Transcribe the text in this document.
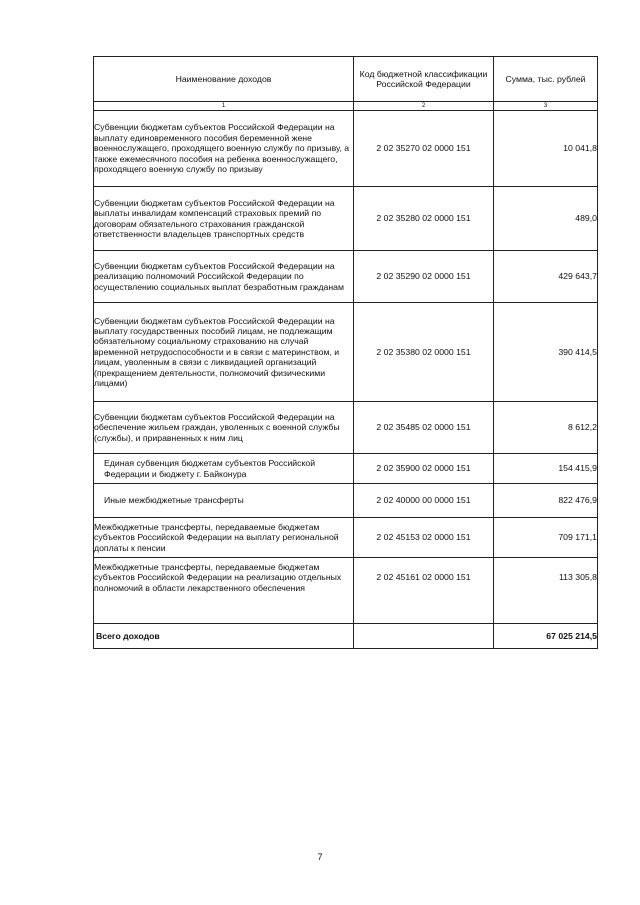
Наименование доходов	Код бюджетной классификации Российской Федерации	Сумма, тыс. рублей
1	2	3
Субвенции бюджетам субъектов Российской Федерации на выплату единовременного пособия беременной жене военнослужащего, проходящего военную службу по призыву, а также ежемесячного пособия на ребенка военнослужащего, проходящего военную службу по призыву	2 02 35270 02 0000 151	10 041,8
Субвенции бюджетам субъектов Российской Федерации на выплаты инвалидам компенсаций страховых премий по договорам обязательного страхования гражданской ответственности владельцев транспортных средств	2 02 35280 02 0000 151	489,0
Субвенции бюджетам субъектов Российской Федерации на реализацию полномочий Российской Федерации по осуществлению социальных выплат безработным гражданам	2 02 35290 02 0000 151	429 643,7
Субвенции бюджетам субъектов Российской Федерации на выплату государственных пособий лицам, не подлежащим обязательному социальному страхованию на случай временной нетрудоспособности и в связи с материнством, и лицам, уволенным в связи с ликвидацией организаций (прекращением деятельности, полномочий физическими лицами)	2 02 35380 02 0000 151	390 414,5
Субвенции бюджетам субъектов Российской Федерации на обеспечение жильем граждан, уволенных с военной службы (службы), и приравненных к ним лиц	2 02 35485 02 0000 151	8 612,2
Единая субвенция бюджетам субъектов Российской Федерации и бюджету г. Байконура	2 02 35900 02 0000 151	154 415,9
Иные межбюджетные трансферты	2 02 40000 00 0000 151	822 476,9
Межбюджетные трансферты, передаваемые бюджетам субъектов Российской Федерации на выплату региональной доплаты к пенсии	2 02 45153 02 0000 151	709 171,1
Межбюджетные трансферты, передаваемые бюджетам субъектов Российской Федерации на реализацию отдельных полномочий в области лекарственного обеспечения	2 02 45161 02 0000 151	113 305,8
Всего доходов		67 025 214,5
7
